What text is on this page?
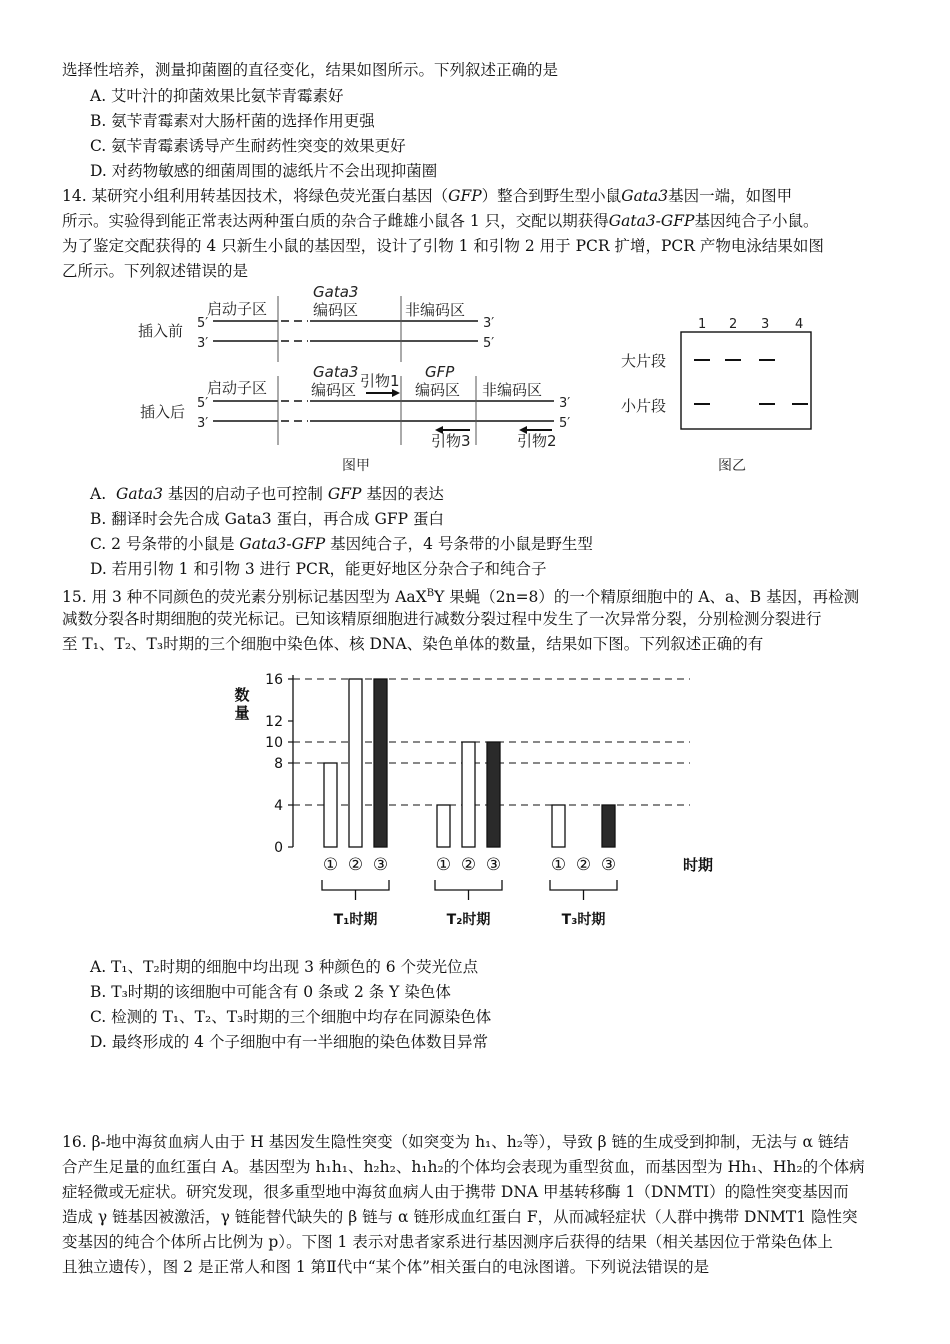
选择性培养，测量抑菌圈的直径变化，结果如图所示。下列叙述正确的是
A. 艾叶汁的抑菌效果比氨苄青霉素好
B. 氨苄青霉素对大肠杆菌的选择作用更强
C. 氨苄青霉素诱导产生耐药性突变的效果更好
D. 对药物敏感的细菌周围的滤纸片不会出现抑菌圈
14. 某研究小组利用转基因技术，将绿色荧光蛋白基因（GFP）整合到野生型小鼠Gata3基因一端，如图甲
所示。实验得到能正常表达两种蛋白质的杂合子雌雄小鼠各 1 只，交配以期获得Gata3-GFP基因纯合子小鼠。
为了鉴定交配获得的 4 只新生小鼠的基因型，设计了引物 1 和引物 2 用于 PCR 扩增，PCR 产物电泳结果如图
乙所示。下列叙述错误的是
插入前 5′
3′
3′
5′
启动子区
Gata3
编码区	非编码区
插入后 5′
3′
3′
5′
启动子区
Gata3
编码区 引物1 GFP
编码区 非编码区
引物3	引物2
图甲
1 2 3 4
大片段
小片段
图乙
A.  Gata3 基因的启动子也可控制 GFP 基因的表达
B. 翻译时会先合成 Gata3 蛋白，再合成 GFP 蛋白
C. 2 号条带的小鼠是 Gata3-GFP 基因纯合子，4 号条带的小鼠是野生型
D. 若用引物 1 和引物 3 进行 PCR，能更好地区分杂合子和纯合子
15. 用 3 种不同颜色的荧光素分别标记基因型为 AaX$^B$Y 果蝇（2n=8）的一个精原细胞中的 A、a、B 基因，再检测
减数分裂各时期细胞的荧光标记。已知该精原细胞进行减数分裂过程中发生了一次异常分裂，分别检测分裂进行
至 T₁、T₂、T₃时期的三个细胞中染色体、核 DNA、染色单体的数量，结果如下图。下列叙述正确的有
0
4
8
10
12
16
数
量
时期
① ② ③
T₁时期
① ② ③
T₂时期
① ② ③
T₃时期
A. T₁、T₂时期的细胞中均出现 3 种颜色的 6 个荧光位点
B. T₃时期的该细胞中可能含有 0 条或 2 条 Y 染色体
C. 检测的 T₁、T₂、T₃时期的三个细胞中均存在同源染色体
D. 最终形成的 4 个子细胞中有一半细胞的染色体数目异常
16. β-地中海贫血病人由于 H 基因发生隐性突变（如突变为 h₁、h₂等），导致 β 链的生成受到抑制，无法与 α 链结
合产生足量的血红蛋白 A。基因型为 h₁h₁、h₂h₂、h₁h₂的个体均会表现为重型贫血，而基因型为 Hh₁、Hh₂的个体病
症轻微或无症状。研究发现，很多重型地中海贫血病人由于携带 DNA 甲基转移酶 1（DNMTI）的隐性突变基因而
造成 γ 链基因被激活，γ 链能替代缺失的 β 链与 α 链形成血红蛋白 F，从而减轻症状（人群中携带 DNMT1 隐性突
变基因的纯合个体所占比例为 p）。下图 1 表示对患者家系进行基因测序后获得的结果（相关基因位于常染色体上
且独立遗传），图 2 是正常人和图 1 第Ⅱ代中“某个体”相关蛋白的电泳图谱。下列说法错误的是
